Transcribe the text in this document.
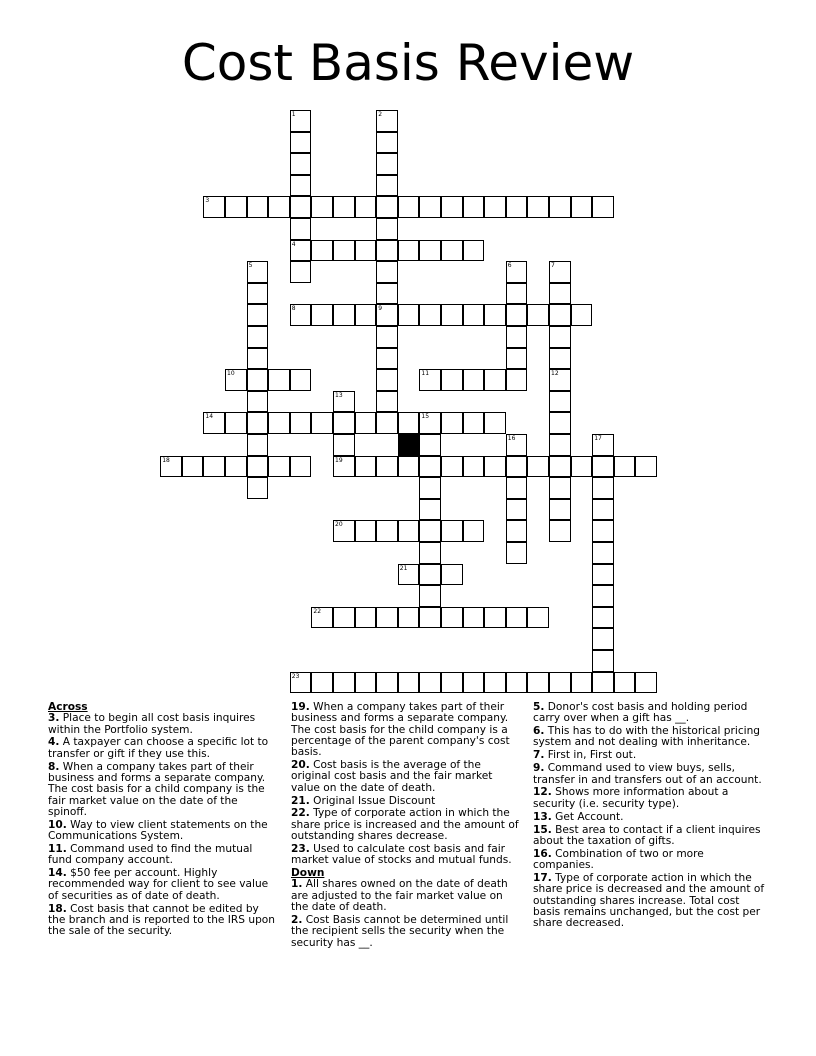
Cost Basis Review
1	2
3
4
5	6	7
8	9
10	11	12
13
14	15
16	17
18	19
20
21
22
23
Across
3. Place to begin all cost basis inquires within the Portfolio system.
4. A taxpayer can choose a specific lot to transfer or gift if they use this.
8. When a company takes part of their business and forms a separate company. The cost basis for a child company is the fair market value on the date of the spinoff.
10. Way to view client statements on the Communications System.
11. Command used to find the mutual fund company account.
14. $50 fee per account. Highly recommended way for client to see value of securities as of date of death.
18. Cost basis that cannot be edited by the branch and is reported to the IRS upon the sale of the security.
19. When a company takes part of their business and forms a separate company. The cost basis for the child company is a percentage of the parent company's cost basis.
20. Cost basis is the average of the original cost basis and the fair market value on the date of death.
21. Original Issue Discount
22. Type of corporate action in which the share price is increased and the amount of outstanding shares decrease.
23. Used to calculate cost basis and fair market value of stocks and mutual funds.
Down
1. All shares owned on the date of death are adjusted to the fair market value on the date of death.
2. Cost Basis cannot be determined until the recipient sells the security when the security has __.
5. Donor's cost basis and holding period carry over when a gift has __.
6. This has to do with the historical pricing system and not dealing with inheritance.
7. First in, First out.
9. Command used to view buys, sells, transfer in and transfers out of an account.
12. Shows more information about a security (i.e. security type).
13. Get Account.
15. Best area to contact if a client inquires about the taxation of gifts.
16. Combination of two or more companies.
17. Type of corporate action in which the share price is decreased and the amount of outstanding shares increase. Total cost basis remains unchanged, but the cost per share decreased.
